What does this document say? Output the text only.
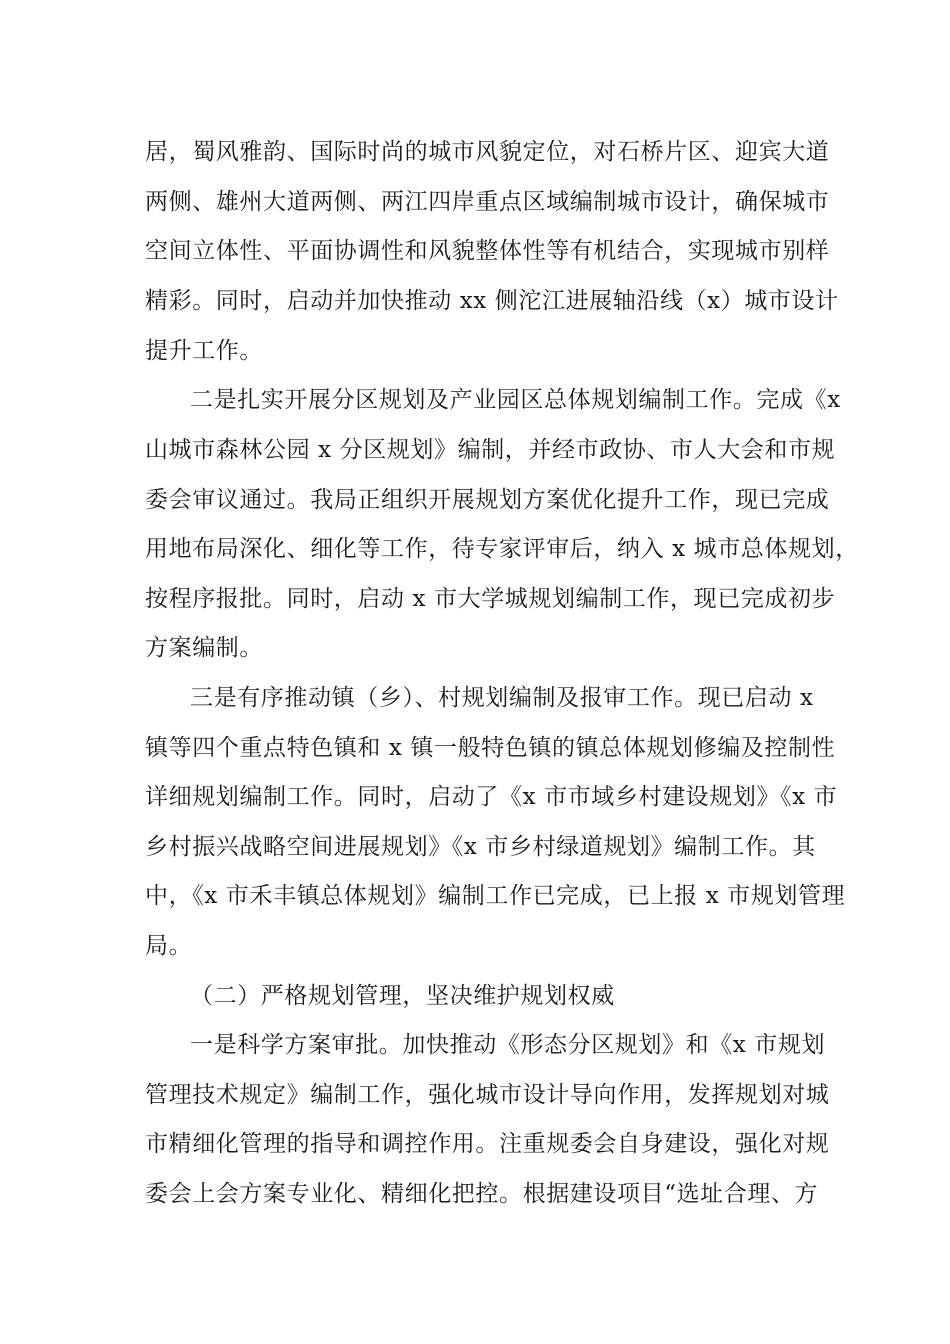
居，蜀风雅韵、国际时尚的城市风貌定位，对石桥片区、迎宾大道
两侧、雄州大道两侧、两江四岸重点区域编制城市设计，确保城市
空间立体性、平面协调性和风貌整体性等有机结合，实现城市别样
精彩。同时，启动并加快推动 xx 侧沱江进展轴沿线（x）城市设计
提升工作。
二是扎实开展分区规划及产业园区总体规划编制工作。完成《x
山城市森林公园 x 分区规划》编制，并经市政协、市人大会和市规
委会审议通过。我局正组织开展规划方案优化提升工作，现已完成
用地布局深化、细化等工作，待专家评审后，纳入 x 城市总体规划，
按程序报批。同时，启动 x 市大学城规划编制工作，现已完成初步
方案编制。
三是有序推动镇（乡）、村规划编制及报审工作。现已启动 x
镇等四个重点特色镇和 x 镇一般特色镇的镇总体规划修编及控制性
详细规划编制工作。同时，启动了《x 市市域乡村建设规划》《x 市
乡村振兴战略空间进展规划》《x 市乡村绿道规划》编制工作。其
中，《x 市禾丰镇总体规划》编制工作已完成，已上报 x 市规划管理
局。
（二）严格规划管理，坚决维护规划权威
一是科学方案审批。加快推动《形态分区规划》和《x 市规划
管理技术规定》编制工作，强化城市设计导向作用，发挥规划对城
市精细化管理的指导和调控作用。注重规委会自身建设，强化对规
委会上会方案专业化、精细化把控。根据建设项目“选址合理、方
